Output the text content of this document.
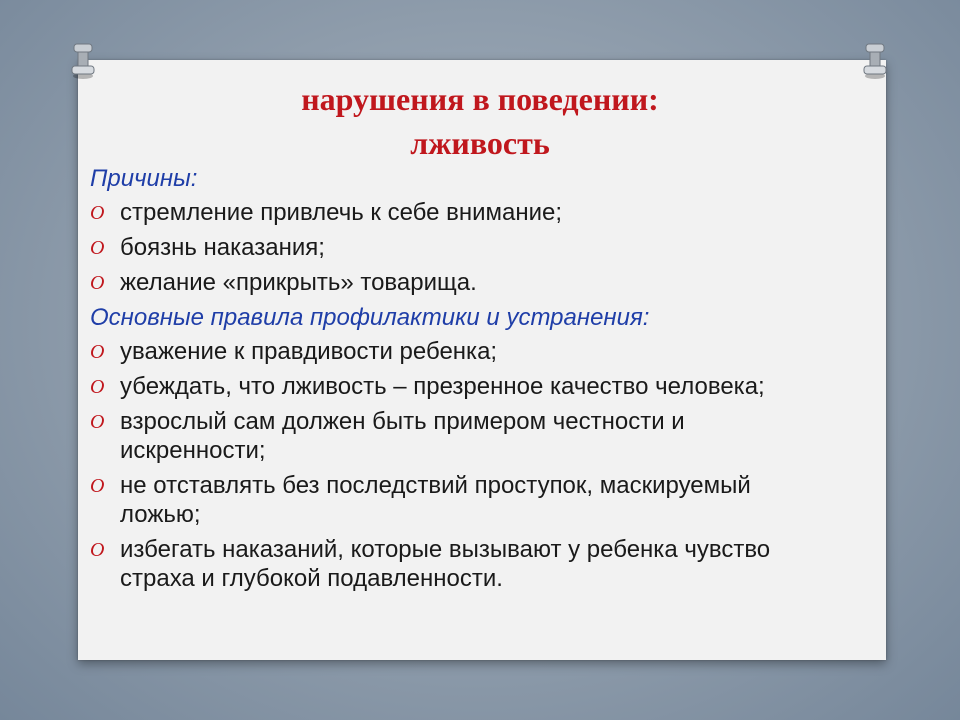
нарушения в поведении:
лживость
Причины:
O стремление привлечь к себе внимание;
O боязнь наказания;
O желание «прикрыть» товарища.
Основные правила профилактики и устранения:
O уважение к правдивости ребенка;
O убеждать, что лживость – презренное качество человека;
O взрослый сам должен быть примером честности и искренности;
O не отставлять без последствий проступок, маскируемый ложью;
O избегать наказаний, которые вызывают у ребенка чувство страха и глубокой подавленности.
